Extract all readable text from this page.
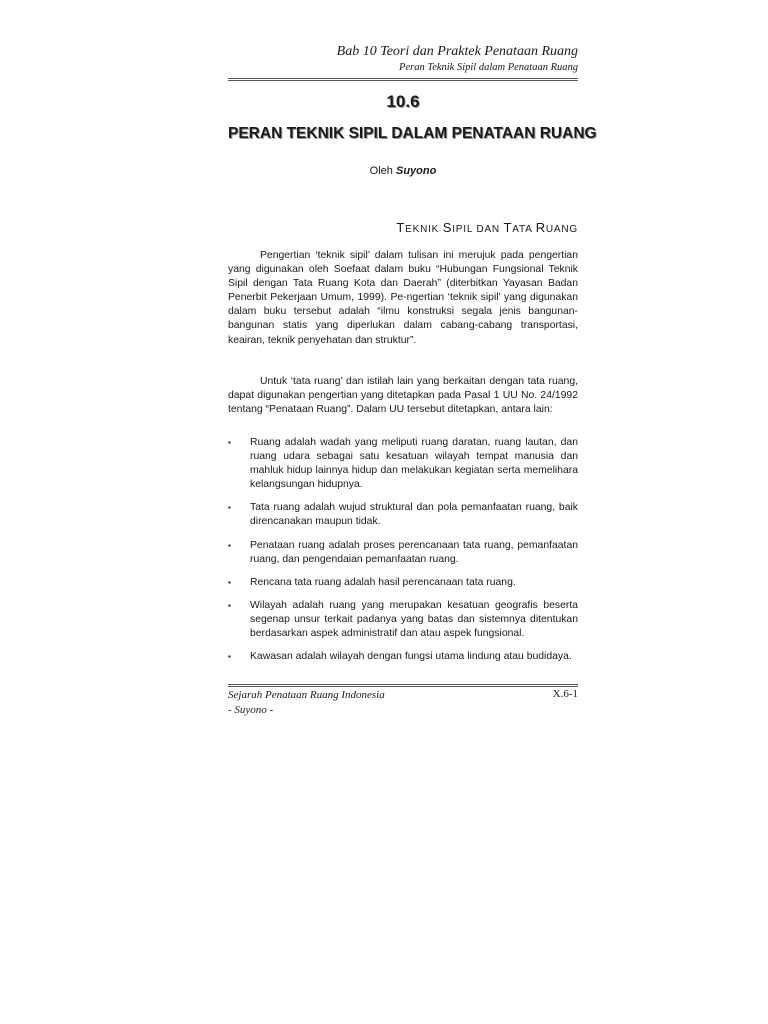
Bab 10 Teori dan Praktek Penataan Ruang
Peran Teknik Sipil dalam Penataan Ruang
10.6
PERAN TEKNIK SIPIL DALAM PENATAAN RUANG
Oleh Suyono
TEKNIK SIPIL DAN TATA RUANG

Pengertian ‘teknik sipil’ dalam tulisan ini merujuk pada pengertian yang digunakan oleh Soefaat dalam buku “Hubungan Fungsional Teknik Sipil dengan Tata Ruang Kota dan Daerah” (diterbitkan Yayasan Badan Penerbit Pekerjaan Umum, 1999). Pe-ngertian ‘teknik sipil’ yang digunakan dalam buku tersebut adalah “ilmu konstruksi segala jenis bangunan-bangunan statis yang diperlukan dalam cabang-cabang transportasi, keairan, teknik penyehatan dan struktur”.

Untuk ‘tata ruang’ dan istilah lain yang berkaitan dengan tata ruang, dapat digunakan pengertian yang ditetapkan pada Pasal 1 UU No. 24/1992 tentang “Penataan Ruang”. Dalam UU tersebut ditetapkan, antara lain:

▪ Ruang adalah wadah yang meliputi ruang daratan, ruang lautan, dan ruang udara sebagai satu kesatuan wilayah tempat manusia dan mahluk hidup lainnya hidup dan melakukan kegiatan serta memelihara kelangsungan hidupnya.
▪ Tata ruang adalah wujud struktural dan pola pemanfaatan ruang, baik direncanakan maupun tidak.
▪ Penataan ruang adalah proses perencanaan tata ruang, pemanfaatan ruang, dan pengendaian pemanfaatan ruang.
▪ Rencana tata ruang adalah hasil perencanaan tata ruang.
▪ Wilayah adalah ruang yang merupakan kesatuan geografis beserta segenap unsur terkait padanya yang batas dan sistemnya ditentukan berdasarkan aspek administratif dan atau aspek fungsional.
▪ Kawasan adalah wilayah dengan fungsi utama lindung atau budidaya.
Sejarah Penataan Ruang Indonesia
- Suyono -
X.6-1
